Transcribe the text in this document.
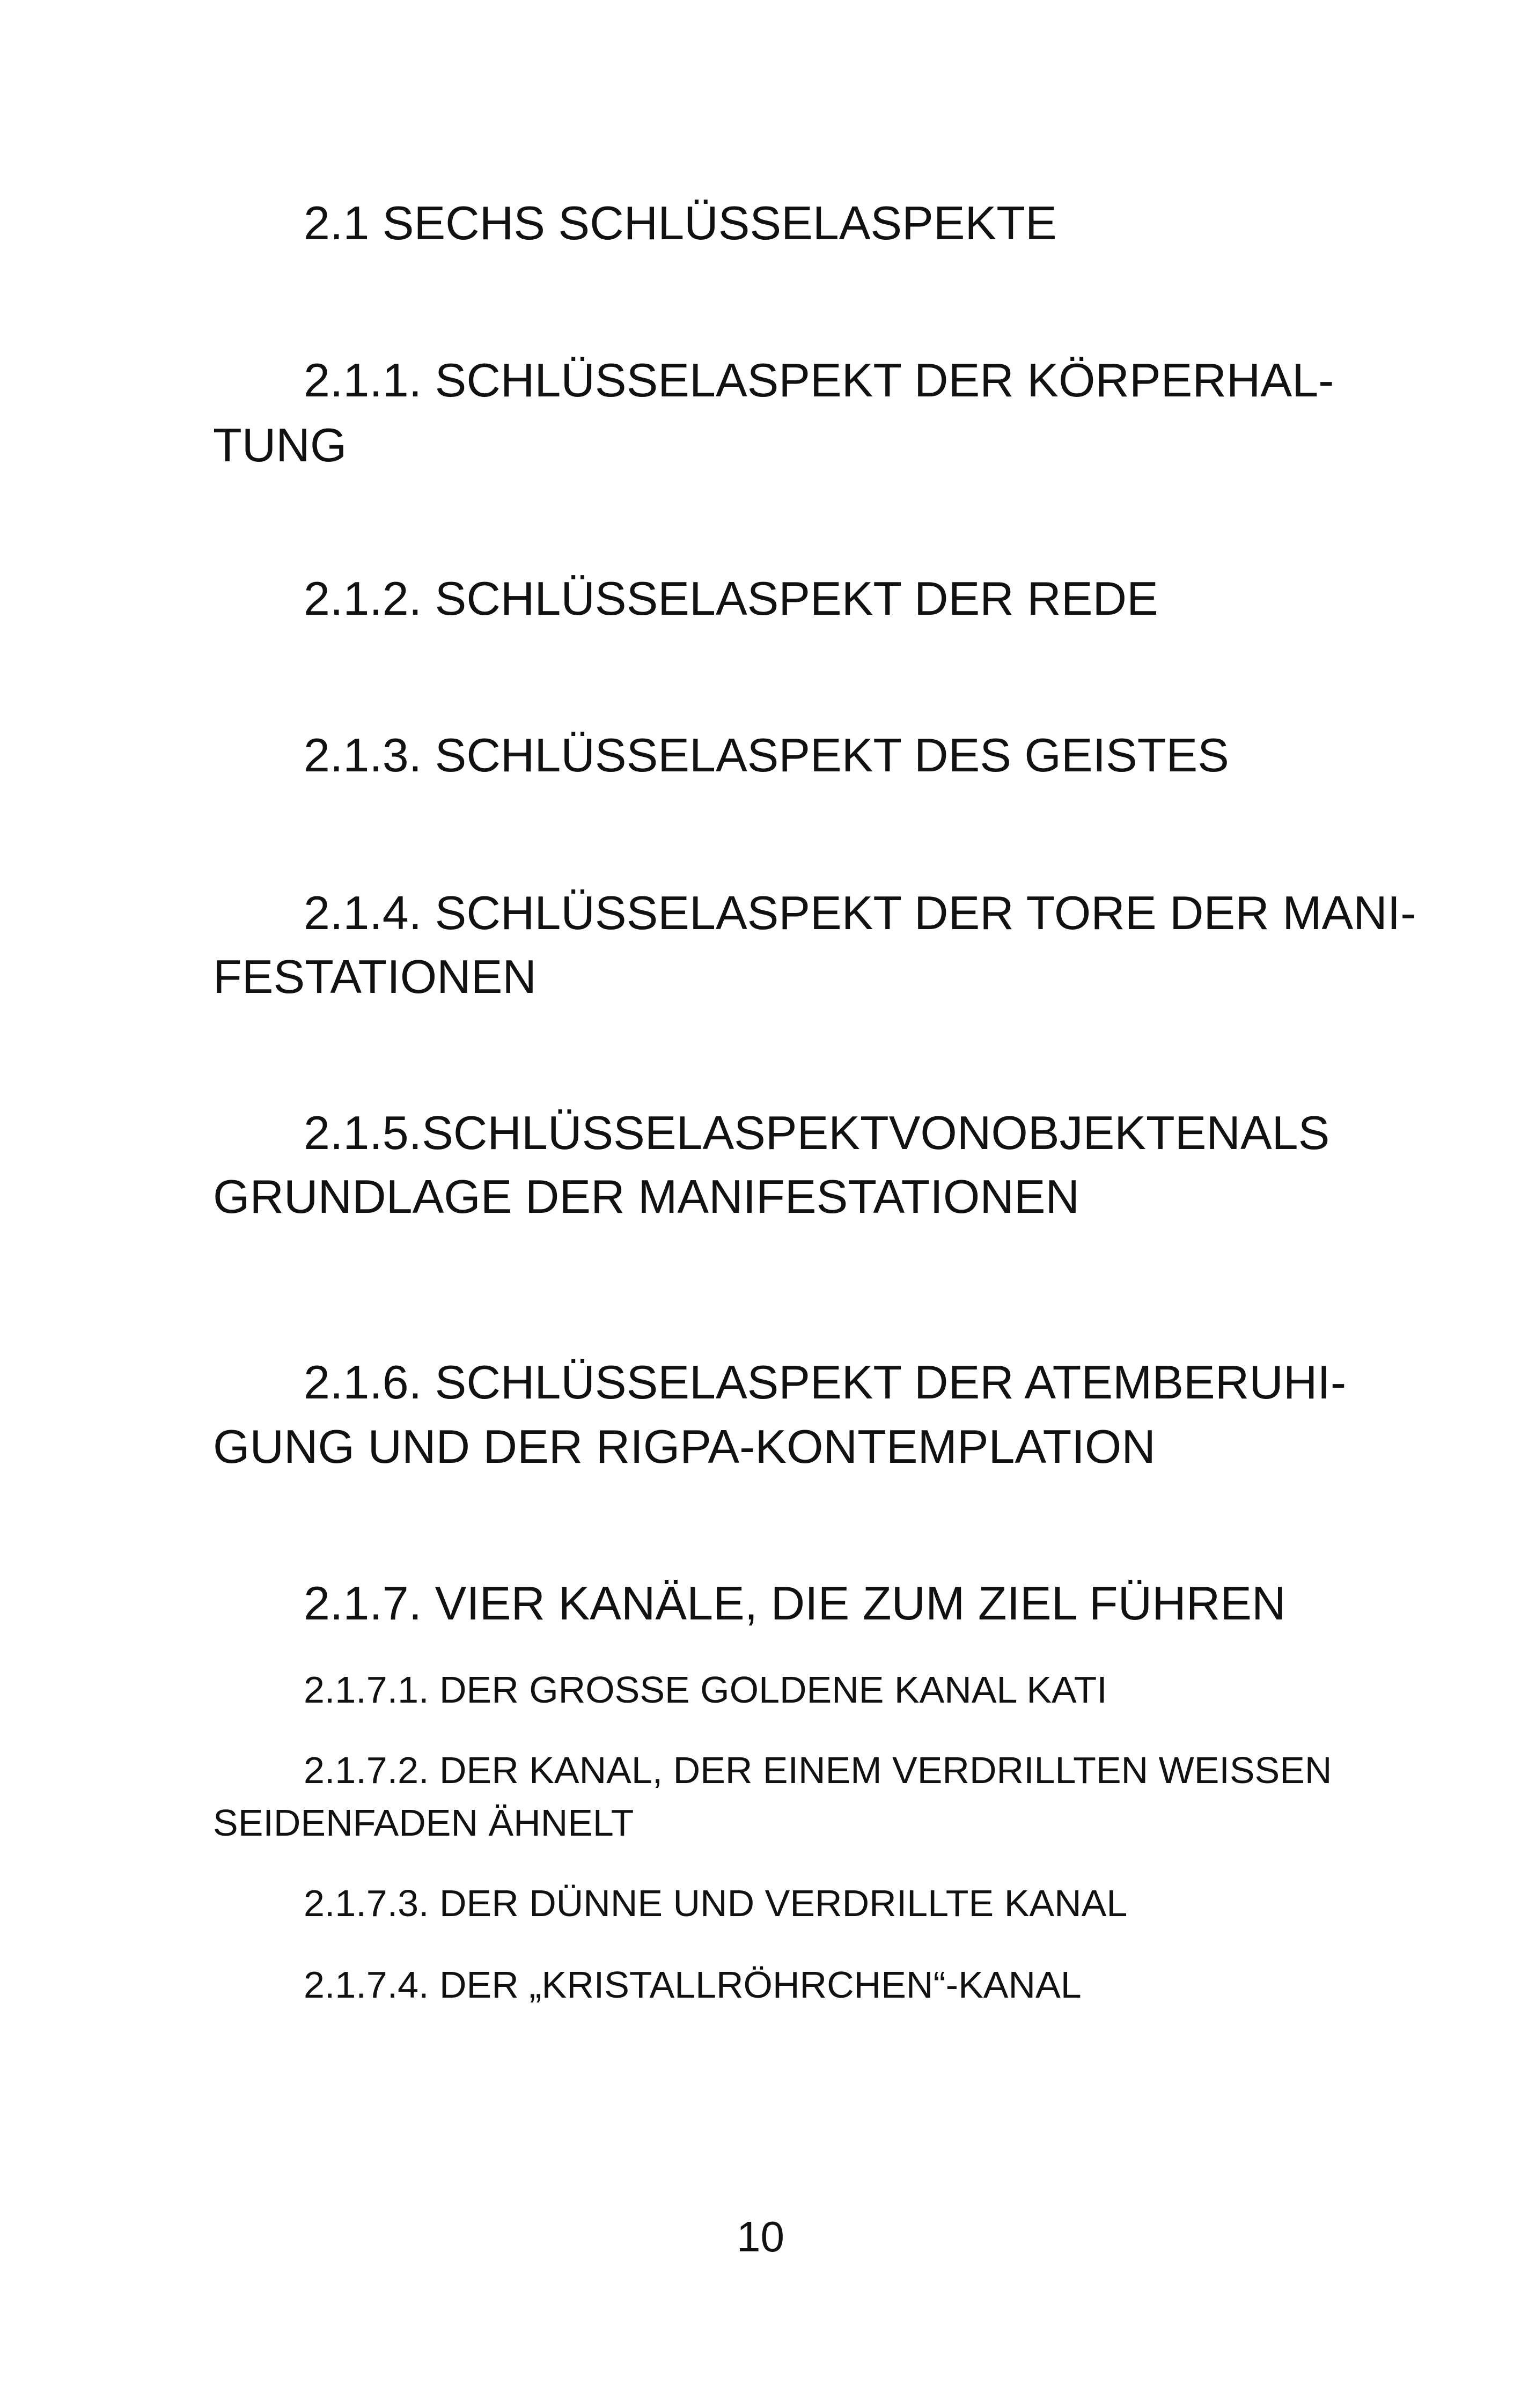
2.1 SECHS SCHLÜSSELASPEKTE
2.1.1. SCHLÜSSELASPEKT DER KÖRPERHAL-
TUNG
2.1.2. SCHLÜSSELASPEKT DER REDE
2.1.3. SCHLÜSSELASPEKT DES GEISTES
2.1.4. SCHLÜSSELASPEKT DER TORE DER MANI-
FESTATIONEN
2.1.5. SCHLÜSSELASPEKT VON OBJEKTEN ALS
GRUNDLAGE DER MANIFESTATIONEN
2.1.6. SCHLÜSSELASPEKT DER ATEMBERUHI-
GUNG UND DER RIGPA-KONTEMPLATION
2.1.7. VIER KANÄLE, DIE ZUM ZIEL FÜHREN
2.1.7.1. DER GROSSE GOLDENE KANAL KATI
2.1.7.2. DER KANAL, DER EINEM VERDRILLTEN WEISSEN
SEIDENFADEN ÄHNELT
2.1.7.3. DER DÜNNE UND VERDRILLTE KANAL
2.1.7.4. DER „KRISTALLRÖHRCHEN“-KANAL
10
